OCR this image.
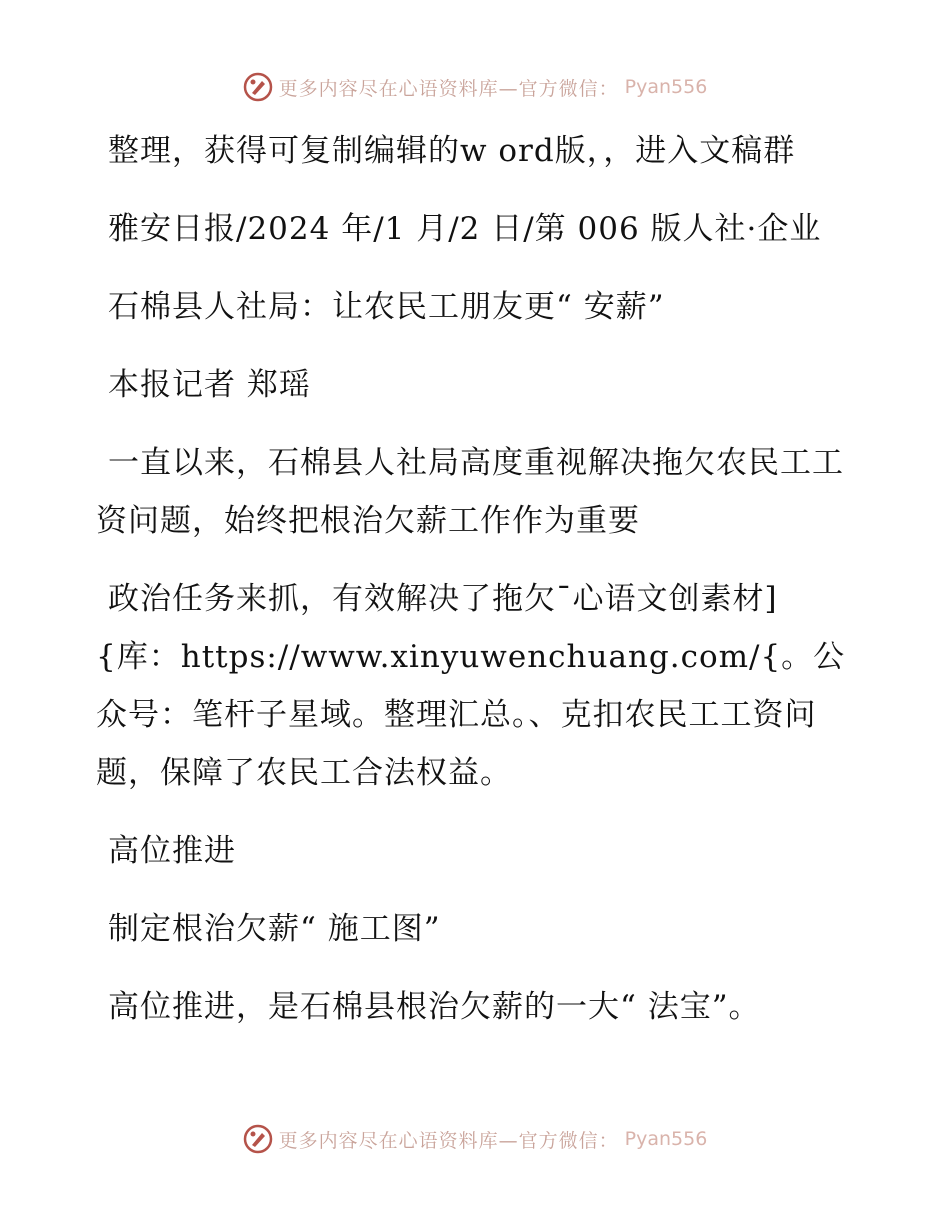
更多内容尽在心语资料库—官方微信： Pyan556

整理，获得可复制编辑的w ord版，，进入文稿群

雅安日报/2024 年/1 月/2 日/第 006 版人社·企业

石棉县人社局：让农民工朋友更“ 安薪”

本报记者 郑瑶

一直以来，石棉县人社局高度重视解决拖欠农民工工资问题，始终把根治欠薪工作作为重要

政治任务来抓，有效解决了拖欠¯心语文创素材]{库：https://www.xinyuwenchuang.com/{。公众号：笔杆子星域。整理汇总。、克扣农民工工资问题，保障了农民工合法权益。

高位推进

制定根治欠薪“ 施工图”

高位推进，是石棉县根治欠薪的一大“ 法宝”。

更多内容尽在心语资料库—官方微信： Pyan556
